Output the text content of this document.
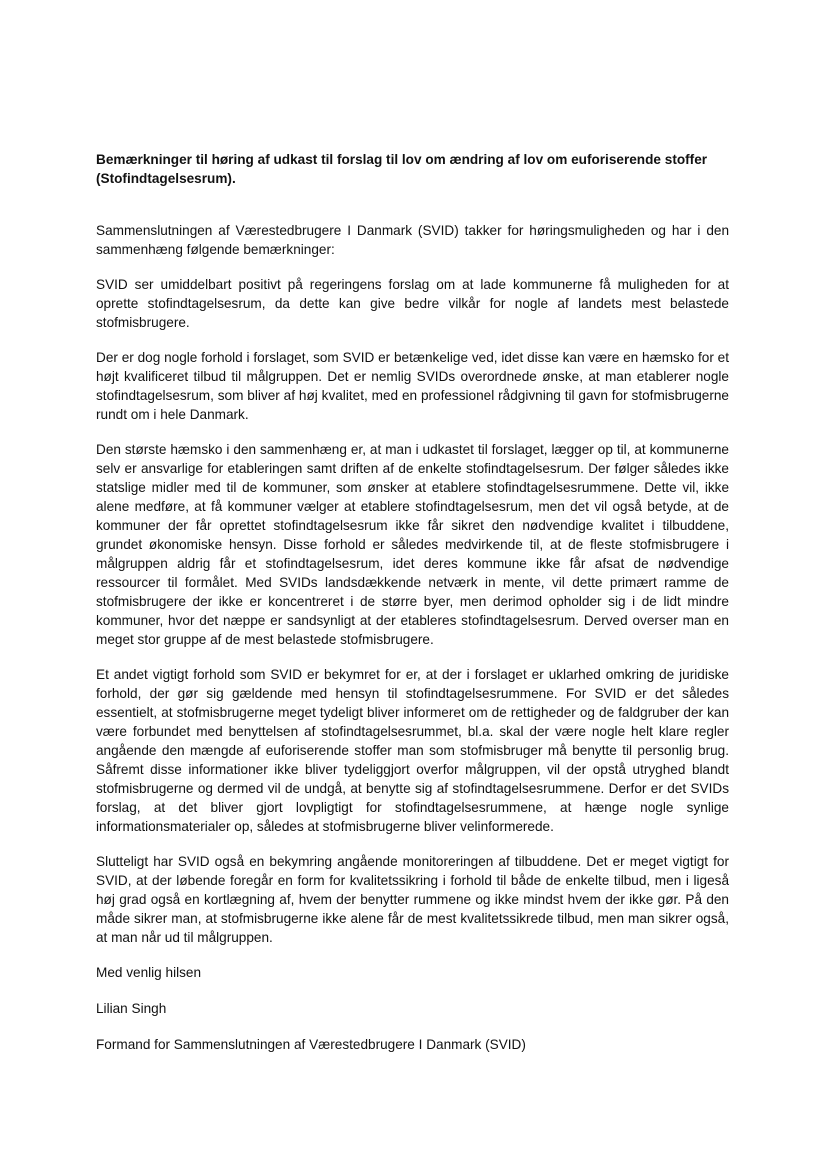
Bemærkninger til høring af udkast til forslag til lov om ændring af lov om euforiserende stoffer (Stofindtagelsesrum).

Sammenslutningen af Værestedbrugere I Danmark (SVID) takker for høringsmuligheden og har i den sammenhæng følgende bemærkninger:

SVID ser umiddelbart positivt på regeringens forslag om at lade kommunerne få muligheden for at oprette stofindtagelsesrum, da dette kan give bedre vilkår for nogle af landets mest belastede stofmisbrugere.

Der er dog nogle forhold i forslaget, som SVID er betænkelige ved, idet disse kan være en hæmsko for et højt kvalificeret tilbud til målgruppen. Det er nemlig SVIDs overordnede ønske, at man etablerer nogle stofindtagelsesrum, som bliver af høj kvalitet, med en professionel rådgivning til gavn for stofmisbrugerne rundt om i hele Danmark.

Den største hæmsko i den sammenhæng er, at man i udkastet til forslaget, lægger op til, at kommunerne selv er ansvarlige for etableringen samt driften af de enkelte stofindtagelsesrum. Der følger således ikke statslige midler med til de kommuner, som ønsker at etablere stofindtagelsesrummene. Dette vil, ikke alene medføre, at få kommuner vælger at etablere stofindtagelsesrum, men det vil også betyde, at de kommuner der får oprettet stofindtagelsesrum ikke får sikret den nødvendige kvalitet i tilbuddene, grundet økonomiske hensyn. Disse forhold er således medvirkende til, at de fleste stofmisbrugere i målgruppen aldrig får et stofindtagelsesrum, idet deres kommune ikke får afsat de nødvendige ressourcer til formålet. Med SVIDs landsdækkende netværk in mente, vil dette primært ramme de stofmisbrugere der ikke er koncentreret i de større byer, men derimod opholder sig i de lidt mindre kommuner, hvor det næppe er sandsynligt at der etableres stofindtagelsesrum. Derved overser man en meget stor gruppe af de mest belastede stofmisbrugere.

Et andet vigtigt forhold som SVID er bekymret for er, at der i forslaget er uklarhed omkring de juridiske forhold, der gør sig gældende med hensyn til stofindtagelsesrummene. For SVID er det således essentielt, at stofmisbrugerne meget tydeligt bliver informeret om de rettigheder og de faldgruber der kan være forbundet med benyttelsen af stofindtagelsesrummet, bl.a. skal der være nogle helt klare regler angående den mængde af euforiserende stoffer man som stofmisbruger må benytte til personlig brug. Såfremt disse informationer ikke bliver tydeliggjort overfor målgruppen, vil der opstå utryghed blandt stofmisbrugerne og dermed vil de undgå, at benytte sig af stofindtagelsesrummene. Derfor er det SVIDs forslag, at det bliver gjort lovpligtigt for stofindtagelsesrummene, at hænge nogle synlige informationsmaterialer op, således at stofmisbrugerne bliver velinformerede.

Slutteligt har SVID også en bekymring angående monitoreringen af tilbuddene. Det er meget vigtigt for SVID, at der løbende foregår en form for kvalitetssikring i forhold til både de enkelte tilbud, men i ligeså høj grad også en kortlægning af, hvem der benytter rummene og ikke mindst hvem der ikke gør. På den måde sikrer man, at stofmisbrugerne ikke alene får de mest kvalitetssikrede tilbud, men man sikrer også, at man når ud til målgruppen.

Med venlig hilsen

Lilian Singh

Formand for Sammenslutningen af Værestedbrugere I Danmark (SVID)
